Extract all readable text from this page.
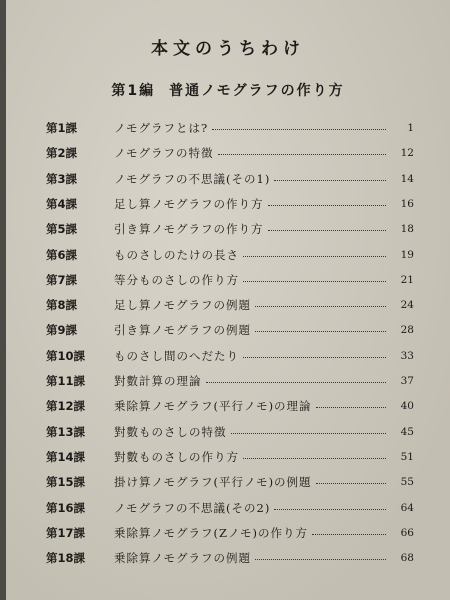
本文のうちわけ
第1編 普通ノモグラフの作り方
第1課	ノモグラフとは?	1
第2課	ノモグラフの特徴	12
第3課	ノモグラフの不思議(その1)	14
第4課	足し算ノモグラフの作り方	16
第5課	引き算ノモグラフの作り方	18
第6課	ものさしのたけの長さ	19
第7課	等分ものさしの作り方	21
第8課	足し算ノモグラフの例題	24
第9課	引き算ノモグラフの例題	28
第10課	ものさし間のへだたり	33
第11課	對數計算の理論	37
第12課	乗除算ノモグラフ(平行ノモ)の理論	40
第13課	對數ものさしの特徴	45
第14課	對數ものさしの作り方	51
第15課	掛け算ノモグラフ(平行ノモ)の例題	55
第16課	ノモグラフの不思議(その2)	64
第17課	乗除算ノモグラフ(Zノモ)の作り方	66
第18課	乗除算ノモグラフの例題	68
